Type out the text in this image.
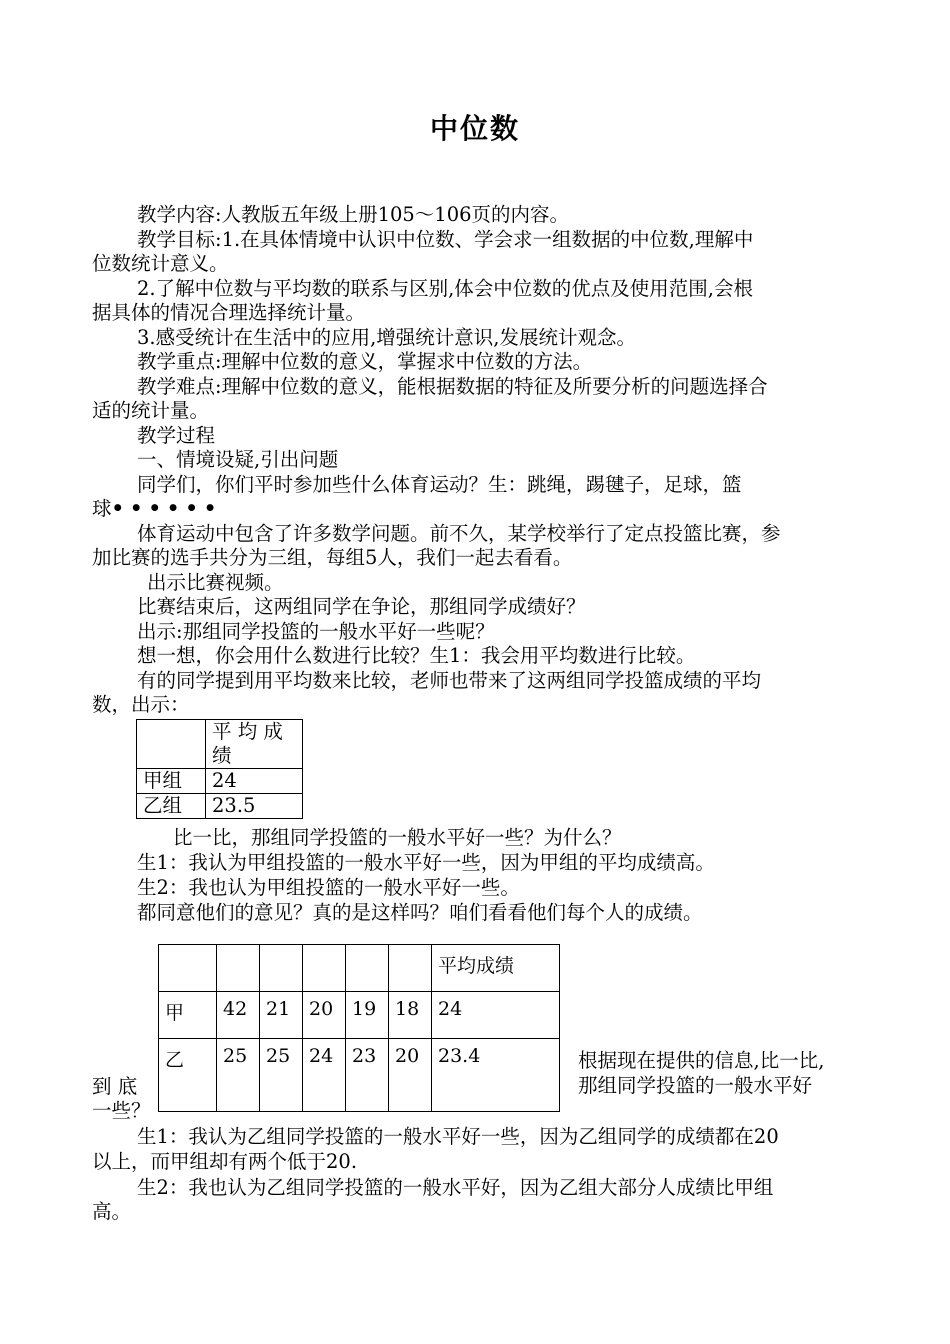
中位数
教学内容:人教版五年级上册105～106页的内容。
教学目标:1.在具体情境中认识中位数、学会求一组数据的中位数,理解中
位数统计意义。
2.了解中位数与平均数的联系与区别,体会中位数的优点及使用范围,会根
据具体的情况合理选择统计量。
3.感受统计在生活中的应用,增强统计意识,发展统计观念。
教学重点:理解中位数的意义，掌握求中位数的方法。
教学难点:理解中位数的意义，能根据数据的特征及所要分析的问题选择合
适的统计量。
教学过程
一、情境设疑,引出问题
同学们，你们平时参加些什么体育运动？生：跳绳，踢毽子，足球，篮
球••••••
体育运动中包含了许多数学问题。前不久，某学校举行了定点投篮比赛，参
加比赛的选手共分为三组，每组5人，我们一起去看看。
出示比赛视频。
比赛结束后，这两组同学在争论，那组同学成绩好？
出示:那组同学投篮的一般水平好一些呢？
想一想，你会用什么数进行比较？生1：我会用平均数进行比较。
有的同学提到用平均数来比较，老师也带来了这两组同学投篮成绩的平均
数，出示：
	平 均 成 绩
甲组	24
乙组	23.5
比一比，那组同学投篮的一般水平好一些？为什么？
生1：我认为甲组投篮的一般水平好一些，因为甲组的平均成绩高。
生2：我也认为甲组投篮的一般水平好一些。
都同意他们的意见？真的是这样吗？咱们看看他们每个人的成绩。
						平均成绩
甲	42	21	20	19	18	24
乙	25	25	24	23	20	23.4	根据现在提供的信息,比一比,
那组同学投篮的一般水平好
到 底
一些？
生1：我认为乙组同学投篮的一般水平好一些，因为乙组同学的成绩都在20
以上，而甲组却有两个低于20.
生2：我也认为乙组同学投篮的一般水平好，因为乙组大部分人成绩比甲组
高。
